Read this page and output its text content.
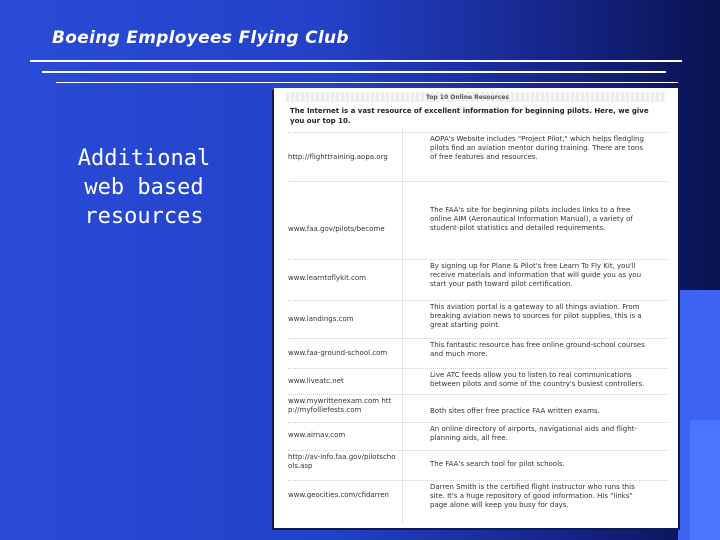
Boeing Employees Flying Club
Additional
web based
resources
Top 10 Online Resources
The Internet is a vast resource of excellent information for beginning pilots. Here, we give you our top 10.
http://flighttraining.aopa.org
AOPA's Website includes "Project Pilot," which helps fledgling pilots find an aviation mentor during training. There are tons of free features and resources.
www.faa.gov/pilots/become
The FAA's site for beginning pilots includes links to a free online AIM (Aeronautical Information Manual), a variety of student-pilot statistics and detailed requirements.
www.learntoflykit.com
By signing up for Plane & Pilot's free Learn To Fly Kit, you'll receive materials and information that will guide you as you start your path toward pilot certification.
www.landings.com
This aviation portal is a gateway to all things aviation. From breaking aviation news to sources for pilot supplies, this is a great starting point.
www.faa-ground-school.com
This fantastic resource has free online ground-school courses and much more.
www.liveatc.net
Live ATC feeds allow you to listen to real communications between pilots and some of the country's busiest controllers.
www.mywrittenexam.com http://myfolliefests.com	Both sites offer free practice FAA written exams.
www.airnav.com
An online directory of airports, navigational aids and flight-planning aids, all free.
http://av-info.faa.gov/pilotschools.asp	The FAA's search tool for pilot schools.
www.geocities.com/cfidarren
Darren Smith is the certified flight instructor who runs this site. It's a huge repository of good information. His "links" page alone will keep you busy for days.
